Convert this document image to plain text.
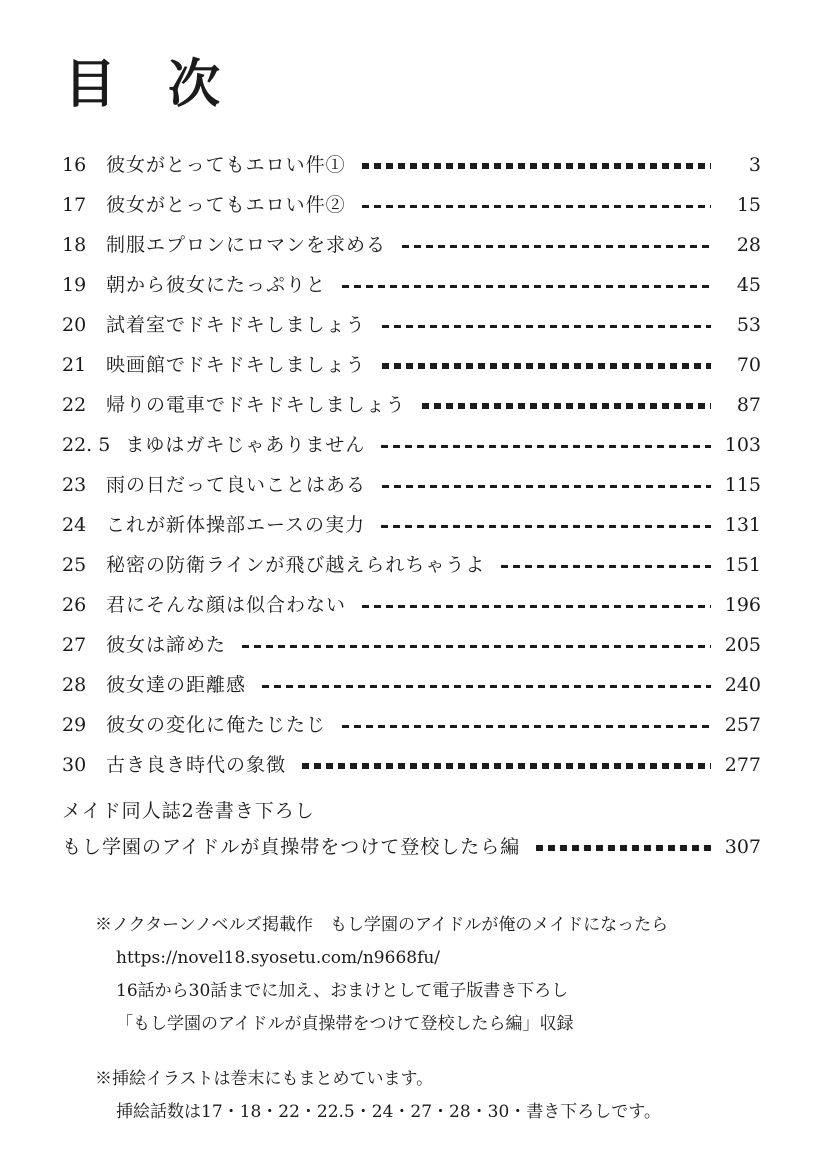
目　次
16 彼女がとってもエロい件①	3
17 彼女がとってもエロい件②	15
18 制服エプロンにロマンを求める	28
19 朝から彼女にたっぷりと	45
20 試着室でドキドキしましょう	53
21 映画館でドキドキしましょう	70
22 帰りの電車でドキドキしましょう	87
22. 5 まゆはガキじゃありません	103
23 雨の日だって良いことはある	115
24 これが新体操部エースの実力	131
25 秘密の防衛ラインが飛び越えられちゃうよ	151
26 君にそんな顔は似合わない	196
27 彼女は諦めた	205
28 彼女達の距離感	240
29 彼女の変化に俺たじたじ	257
30 古き良き時代の象徴	277
メイド同人誌2巻書き下ろし
もし学園のアイドルが貞操帯をつけて登校したら編	307
※ノクターンノベルズ掲載作　もし学園のアイドルが俺のメイドになったら
https://novel18.syosetu.com/n9668fu/
16話から30話までに加え、おまけとして電子版書き下ろし
「もし学園のアイドルが貞操帯をつけて登校したら編」収録
※挿絵イラストは巻末にもまとめています。
挿絵話数は17・18・22・22.5・24・27・28・30・書き下ろしです。
